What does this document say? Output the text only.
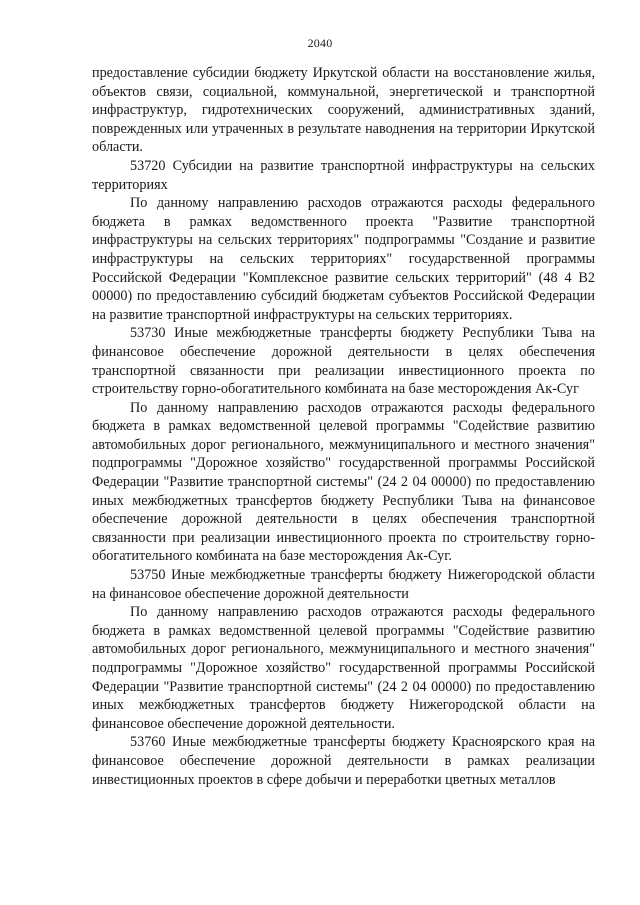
2040

предоставление субсидии бюджету Иркутской области на восстановление жилья, объектов связи, социальной, коммунальной, энергетической и транспортной инфраструктур, гидротехнических сооружений, административных зданий, поврежденных или утраченных в результате наводнения на территории Иркутской области.

53720 Субсидии на развитие транспортной инфраструктуры на сельских территориях

По данному направлению расходов отражаются расходы федерального бюджета в рамках ведомственного проекта "Развитие транспортной инфраструктуры на сельских территориях" подпрограммы "Создание и развитие инфраструктуры на сельских территориях" государственной программы Российской Федерации "Комплексное развитие сельских территорий" (48 4 В2 00000) по предоставлению субсидий бюджетам субъектов Российской Федерации на развитие транспортной инфраструктуры на сельских территориях.

53730 Иные межбюджетные трансферты бюджету Республики Тыва на финансовое обеспечение дорожной деятельности в целях обеспечения транспортной связанности при реализации инвестиционного проекта по строительству горно-обогатительного комбината на базе месторождения Ак-Суг

По данному направлению расходов отражаются расходы федерального бюджета в рамках ведомственной целевой программы "Содействие развитию автомобильных дорог регионального, межмуниципального и местного значения" подпрограммы "Дорожное хозяйство" государственной программы Российской Федерации "Развитие транспортной системы" (24 2 04 00000) по предоставлению иных межбюджетных трансфертов бюджету Республики Тыва на финансовое обеспечение дорожной деятельности в целях обеспечения транспортной связанности при реализации инвестиционного проекта по строительству горно-обогатительного комбината на базе месторождения Ак-Суг.

53750 Иные межбюджетные трансферты бюджету Нижегородской области на финансовое обеспечение дорожной деятельности

По данному направлению расходов отражаются расходы федерального бюджета в рамках ведомственной целевой программы "Содействие развитию автомобильных дорог регионального, межмуниципального и местного значения" подпрограммы "Дорожное хозяйство" государственной программы Российской Федерации "Развитие транспортной системы" (24 2 04 00000) по предоставлению иных межбюджетных трансфертов бюджету Нижегородской области на финансовое обеспечение дорожной деятельности.

53760 Иные межбюджетные трансферты бюджету Красноярского края на финансовое обеспечение дорожной деятельности в рамках реализации инвестиционных проектов в сфере добычи и переработки цветных металлов
